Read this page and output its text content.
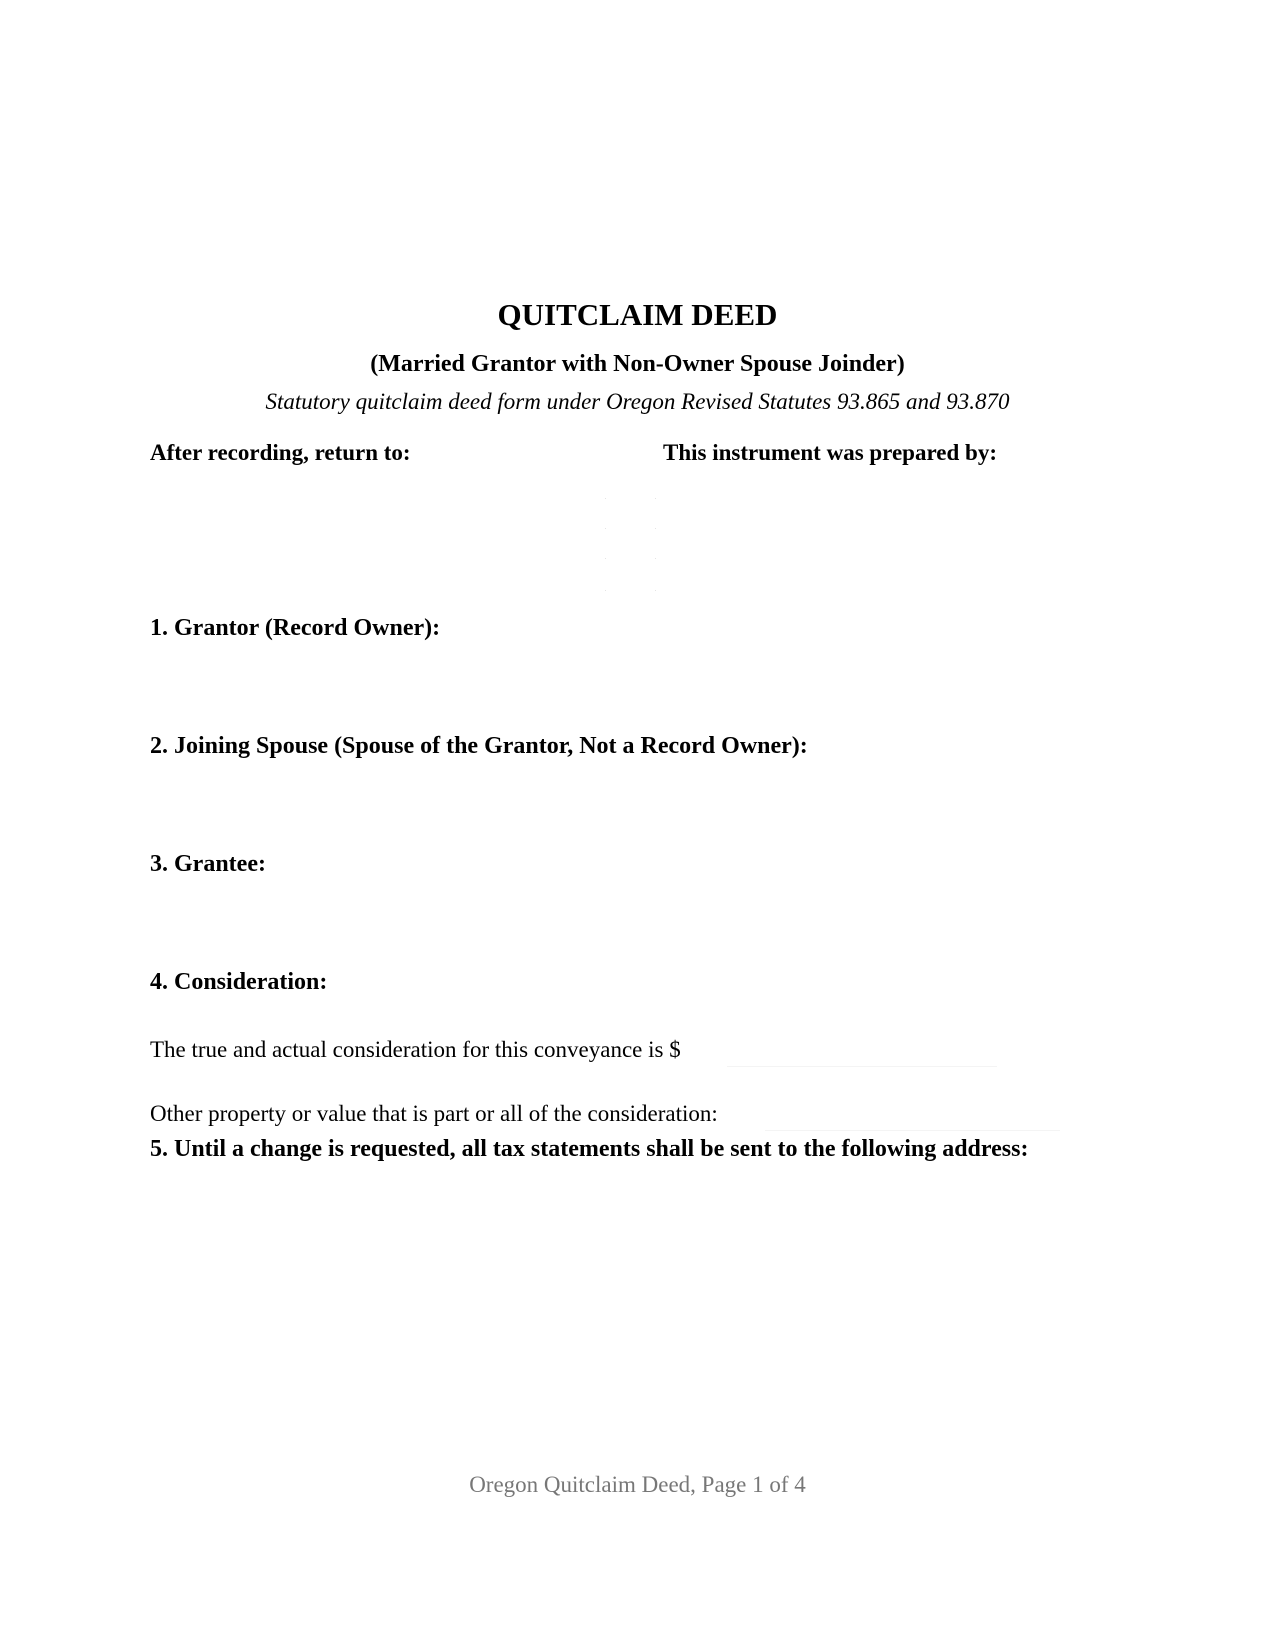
QUITCLAIM DEED
(Married Grantor with Non-Owner Spouse Joinder)
Statutory quitclaim deed form under Oregon Revised Statutes 93.865 and 93.870
After recording, return to:	This instrument was prepared by:
1. Grantor (Record Owner):
2. Joining Spouse (Spouse of the Grantor, Not a Record Owner):
3. Grantee:
4. Consideration:
The true and actual consideration for this conveyance is $
Other property or value that is part or all of the consideration:
5. Until a change is requested, all tax statements shall be sent to the following address:
Oregon Quitclaim Deed, Page 1 of 4
